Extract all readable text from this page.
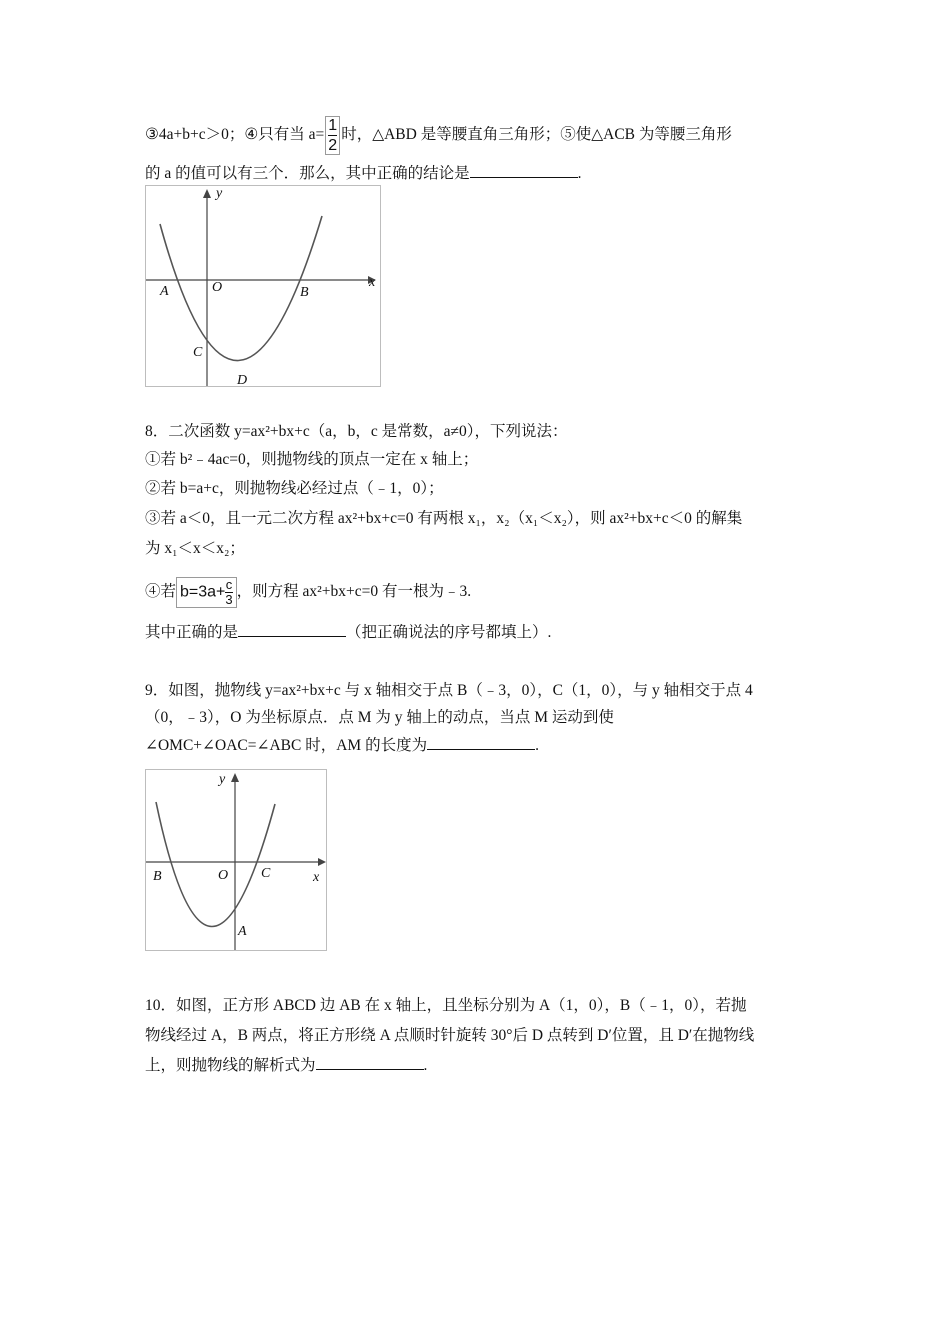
③4a+b+c＞0；④只有当 $a= \frac{1}{2}$ 时，△ABD 是等腰直角三角形；⑤使△ACB 为等腰三角形
的 a 的值可以有三个．那么，其中正确的结论是	.
y
x
A	O	B
C
D
8．二次函数 y=ax²+bx+c（a，b，c 是常数，a≠0），下列说法：
①若 b²﹣4ac=0，则抛物线的顶点一定在 x 轴上；
②若 b=a+c，则抛物线必经过点（﹣1，0）；
③若 a＜0，且一元二次方程 ax²+bx+c=0 有两根 x₁，x₂（x₁＜x₂），则 ax²+bx+c＜0 的解集
为 x₁＜x＜x₂；
④若 $b=3a+ \frac{c}{3}$ ，则方程 ax²+bx+c=0 有一根为﹣3.
其中正确的是	（把正确说法的序号都填上）.
9．如图，抛物线 y=ax²+bx+c 与 x 轴相交于点 B（﹣3，0），C（1，0），与 y 轴相交于点 4
（0，﹣3），O 为坐标原点．点 M 为 y 轴上的动点，当点 M 运动到使
∠OMC+∠OAC=∠ABC 时，AM 的长度为	.
y
x
B	O C
A
10．如图，正方形 ABCD 边 AB 在 x 轴上，且坐标分别为 A（1，0），B（﹣1，0），若抛
物线经过 A，B 两点，将正方形绕 A 点顺时针旋转 30°后 D 点转到 D′位置，且 D′在抛物线
上，则抛物线的解析式为	.
